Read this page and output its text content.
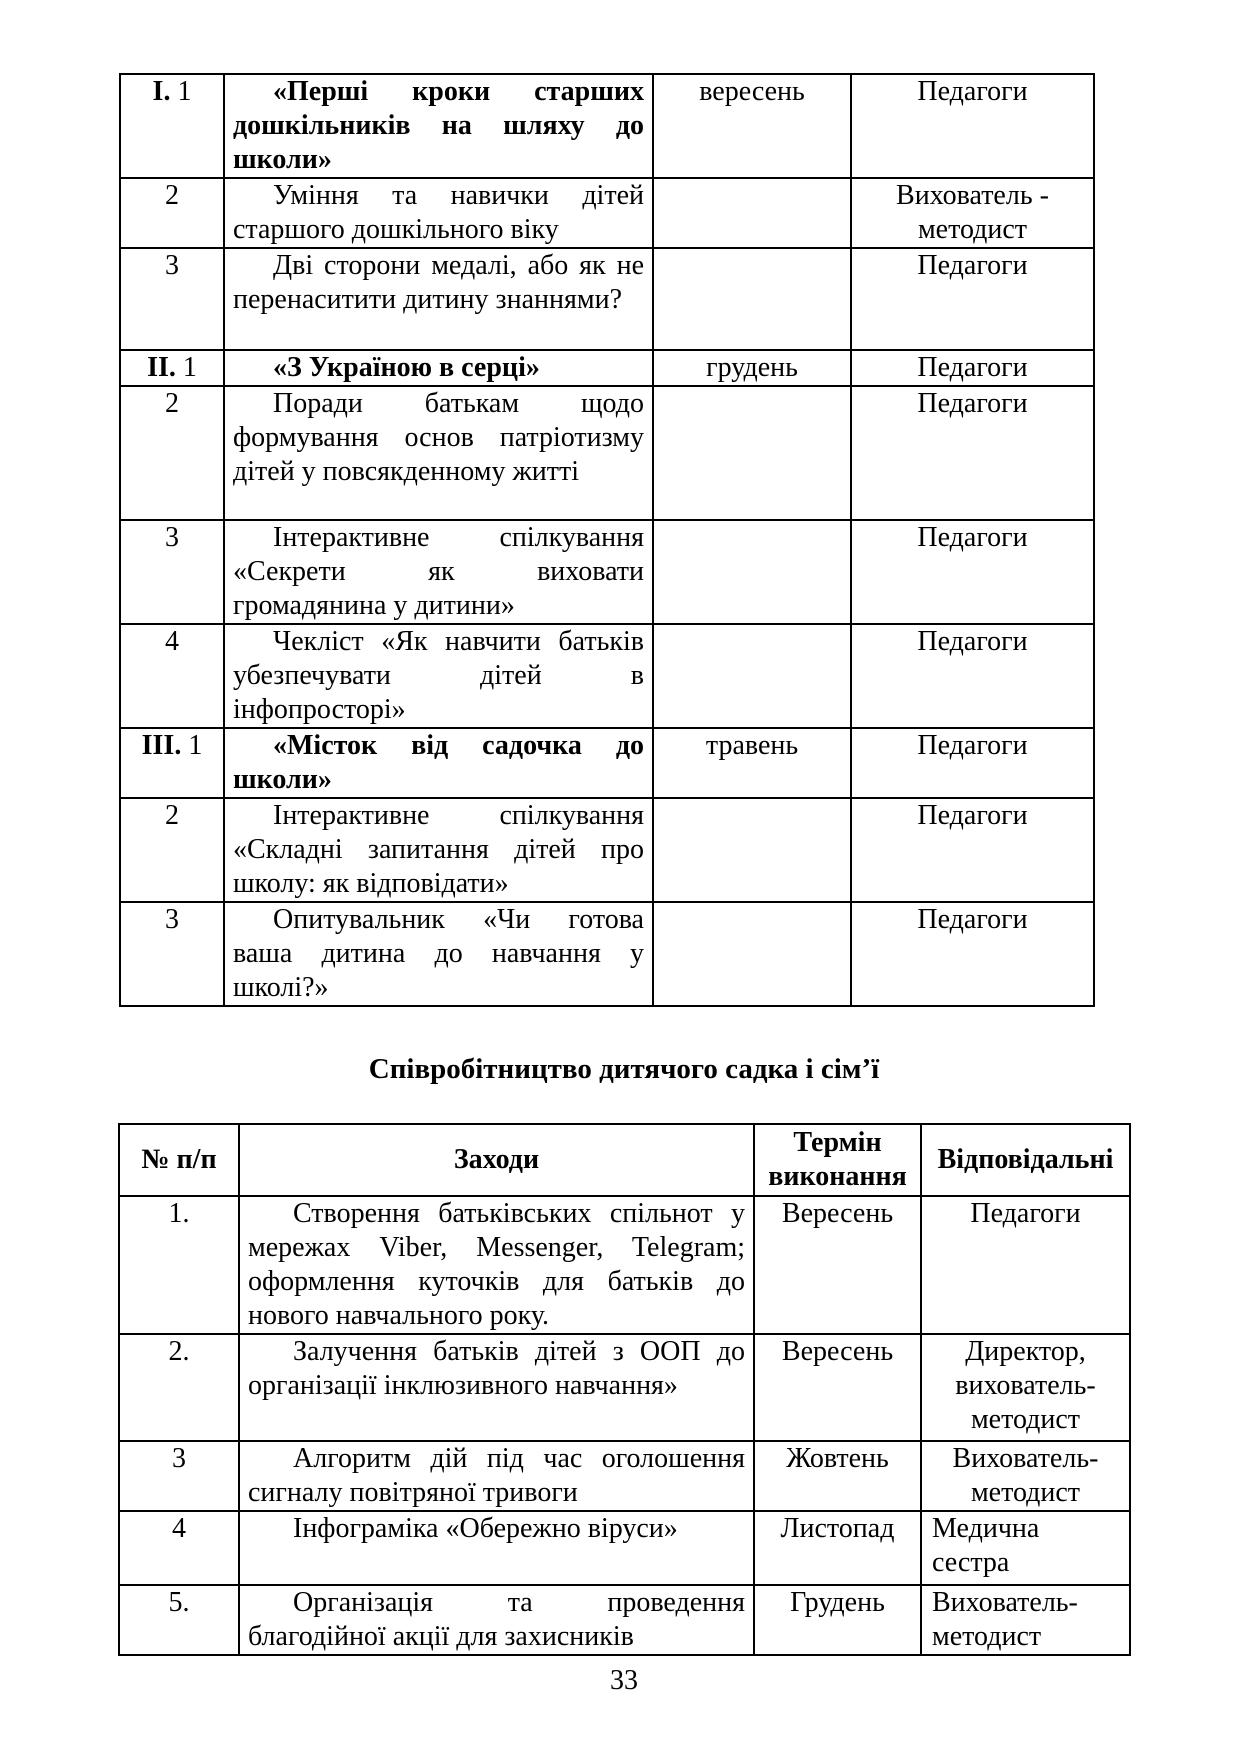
I. 1	«Перші кроки старших дошкільників на шляху до школи»	вересень	Педагоги
2	Уміння та навички дітей старшого дошкільного віку		Вихователь - методист
3	Дві сторони медалі, або як не перенаситити дитину знаннями?		Педагоги
II. 1	«З Україною в серці»	грудень	Педагоги
2	Поради батькам щодо формування основ патріотизму дітей у повсякденному житті		Педагоги
3	Інтерактивне спілкування «Секрети як виховати громадянина у дитини»		Педагоги
4	Чекліст «Як навчити батьків убезпечувати дітей в інфопросторі»		Педагоги
III. 1	«Місток від садочка до школи»	травень	Педагоги
2	Інтерактивне спілкування «Складні запитання дітей про школу: як відповідати»		Педагоги
3	Опитувальник «Чи готова ваша дитина до навчання у школі?»		Педагоги
Співробітництво дитячого садка і сім’ї
№ п/п	Заходи	Термін виконання	Відповідальні
1.	Створення батьківських спільнот у мережах Viber, Messenger, Telegram; оформлення куточків для батьків до нового навчального року.	Вересень	Педагоги
2.	Залучення батьків дітей з ООП до організації інклюзивного навчання»	Вересень	Директор, вихователь-методист
3	Алгоритм дій під час оголошення сигналу повітряної тривоги	Жовтень	Вихователь-методист
4	Інфограміка «Обережно віруси»	Листопад	Медична сестра
5.	Організація та проведення благодійної акції для захисників	Грудень	Вихователь-методист
33
